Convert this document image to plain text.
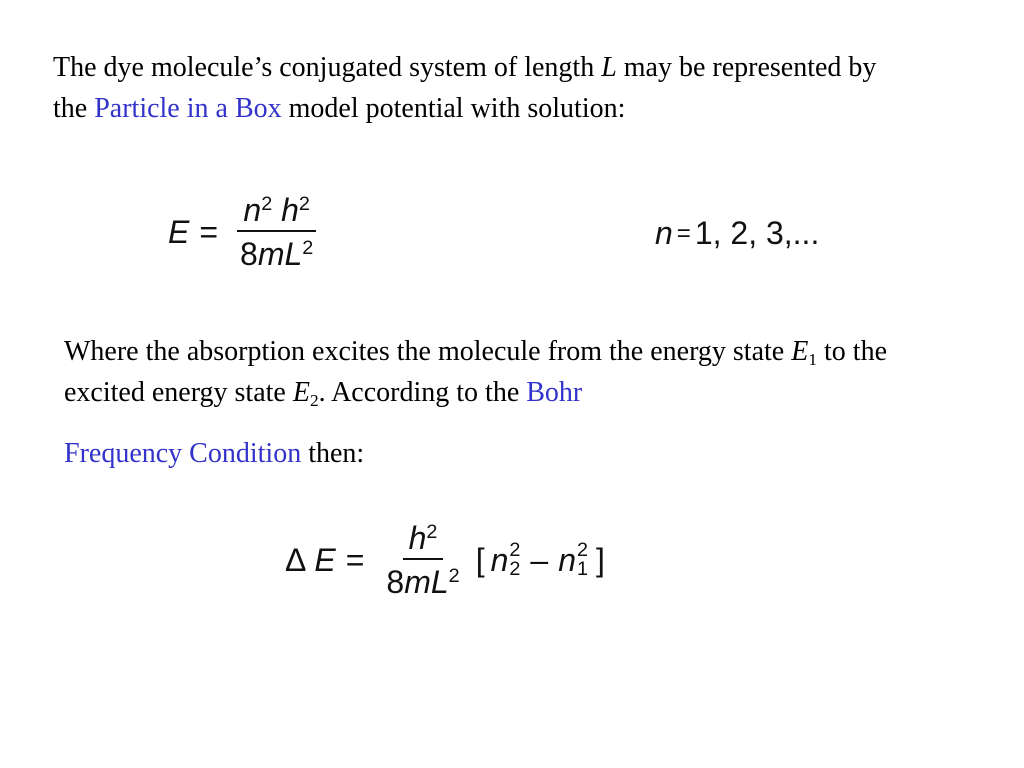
The dye molecule’s conjugated system of length L may be represented by the Particle in a Box model potential with solution:

$E = \frac{n^2 h^2}{8mL^2}$	n = 1, 2, 3,...

Where the absorption excites the molecule from the energy state $E_1$ to the excited energy state $E_2$. According to the Bohr

Frequency Condition then:

Δ $E = \frac{h^2}{8mL^2}$ [ n 2
2 – n 2
1 ]
